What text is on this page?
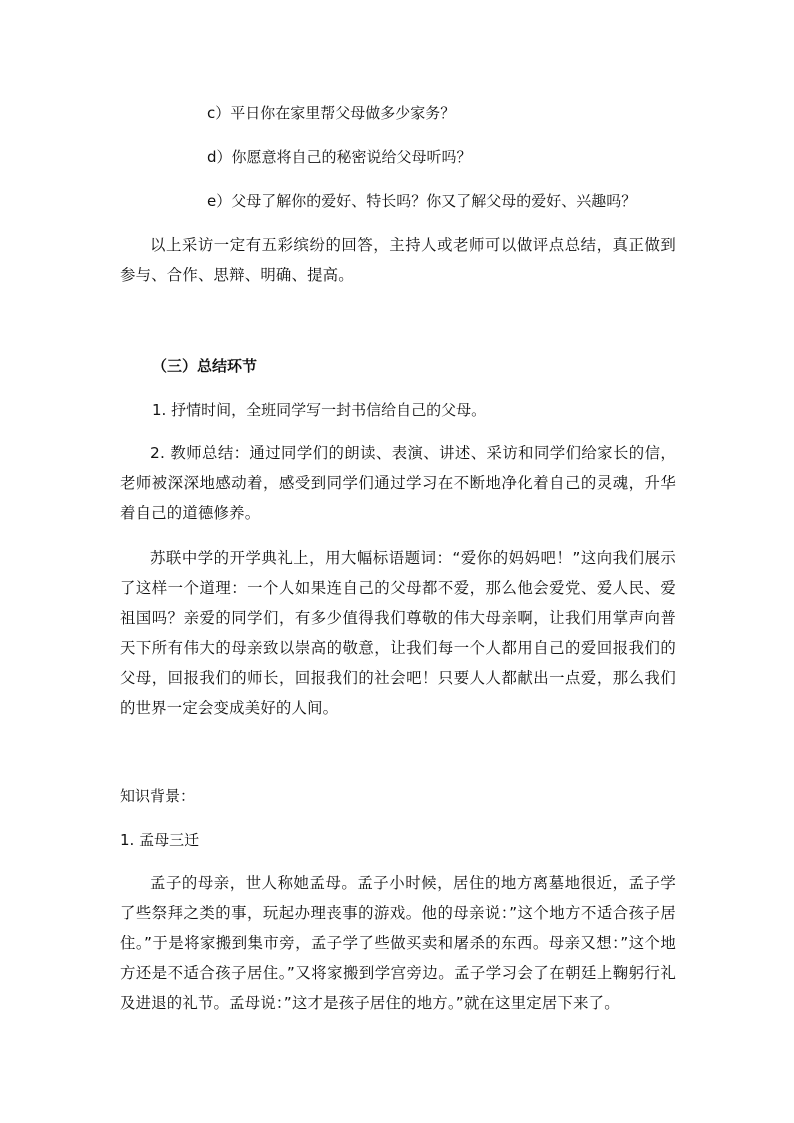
c）平日你在家里帮父母做多少家务？
d）你愿意将自己的秘密说给父母听吗？
e）父母了解你的爱好、特长吗？你又了解父母的爱好、兴趣吗？
以上采访一定有五彩缤纷的回答，主持人或老师可以做评点总结，真正做到参与、合作、思辩、明确、提高。
（三）总结环节
1. 抒情时间，全班同学写一封书信给自己的父母。
2. 教师总结：通过同学们的朗读、表演、讲述、采访和同学们给家长的信，老师被深深地感动着，感受到同学们通过学习在不断地净化着自己的灵魂，升华着自己的道德修养。
苏联中学的开学典礼上，用大幅标语题词：“爱你的妈妈吧！”这向我们展示了这样一个道理：一个人如果连自己的父母都不爱，那么他会爱党、爱人民、爱祖国吗？亲爱的同学们，有多少值得我们尊敬的伟大母亲啊，让我们用掌声向普天下所有伟大的母亲致以崇高的敬意，让我们每一个人都用自己的爱回报我们的父母，回报我们的师长，回报我们的社会吧！只要人人都献出一点爱，那么我们的世界一定会变成美好的人间。
知识背景：
1. 孟母三迁
孟子的母亲，世人称她孟母。孟子小时候，居住的地方离墓地很近，孟子学了些祭拜之类的事，玩起办理丧事的游戏。他的母亲说：”这个地方不适合孩子居住。”于是将家搬到集市旁，孟子学了些做买卖和屠杀的东西。母亲又想：”这个地方还是不适合孩子居住。”又将家搬到学宫旁边。孟子学习会了在朝廷上鞠躬行礼及进退的礼节。孟母说：”这才是孩子居住的地方。”就在这里定居下来了。
